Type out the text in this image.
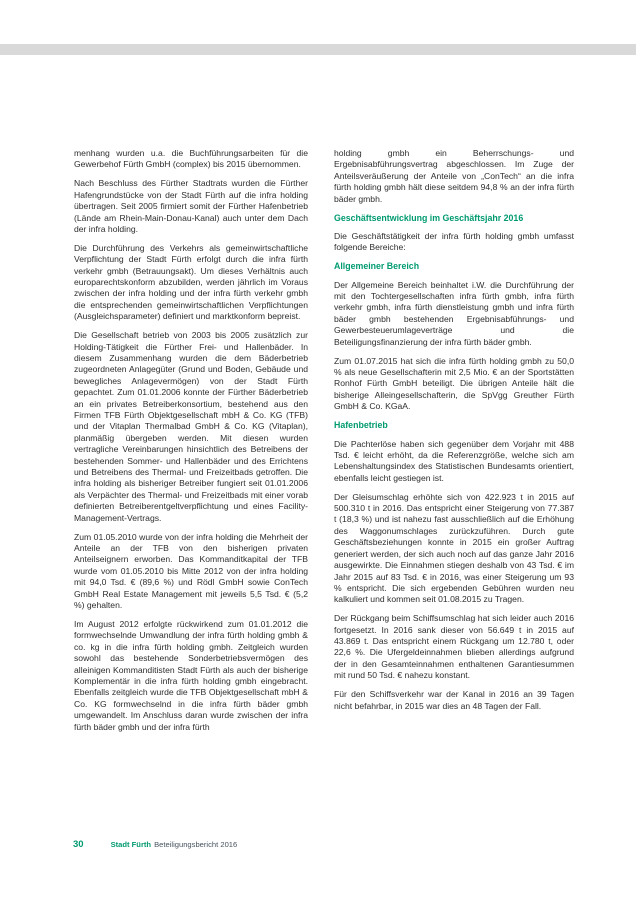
menhang wurden u.a. die Buchführungsarbeiten für die Gewerbehof Fürth GmbH (complex) bis 2015 übernommen.

Nach Beschluss des Fürther Stadtrats wurden die Fürther Hafengrundstücke von der Stadt Fürth auf die infra holding übertragen. Seit 2005 firmiert somit der Fürther Hafenbetrieb (Lände am Rhein-Main-Donau-Kanal) auch unter dem Dach der infra holding.

Die Durchführung des Verkehrs als gemeinwirtschaftliche Verpflichtung der Stadt Fürth erfolgt durch die infra fürth verkehr gmbh (Betrauungsakt). Um dieses Verhältnis auch europarechtskonform abzubilden, werden jährlich im Voraus zwischen der infra holding und der infra fürth verkehr gmbh die entsprechenden gemeinwirtschaftlichen Verpflichtungen (Ausgleichsparameter) definiert und marktkonform bepreist.

Die Gesellschaft betrieb von 2003 bis 2005 zusätzlich zur Holding-Tätigkeit die Fürther Frei- und Hallenbäder. In diesem Zusammenhang wurden die dem Bäderbetrieb zugeordneten Anlagegüter (Grund und Boden, Gebäude und bewegliches Anlagevermögen) von der Stadt Fürth gepachtet. Zum 01.01.2006 konnte der Fürther Bäderbetrieb an ein privates Betreiberkonsortium, bestehend aus den Firmen TFB Fürth Objektgesellschaft mbH & Co. KG (TFB) und der Vitaplan Thermalbad GmbH & Co. KG (Vitaplan), planmäßig übergeben werden. Mit diesen wurden vertragliche Vereinbarungen hinsichtlich des Betreibens der bestehenden Sommer- und Hallenbäder und des Errichtens und Betreibens des Thermal- und Freizeitbads getroffen. Die infra holding als bisheriger Betreiber fungiert seit 01.01.2006 als Verpächter des Thermal- und Freizeitbads mit einer vorab definierten Betreiberentgeltverpflichtung und eines Facility-Management-Vertrags.

Zum 01.05.2010 wurde von der infra holding die Mehrheit der Anteile an der TFB von den bisherigen privaten Anteilseignern erworben. Das Kommanditkapital der TFB wurde vom 01.05.2010 bis Mitte 2012 von der infra holding mit 94,0 Tsd. € (89,6 %) und Rödl GmbH sowie ConTech GmbH Real Estate Management mit jeweils 5,5 Tsd. € (5,2 %) gehalten.

Im August 2012 erfolgte rückwirkend zum 01.01.2012 die formwechselnde Umwandlung der infra fürth holding gmbh & co. kg in die infra fürth holding gmbh. Zeitgleich wurden sowohl das bestehende Sonderbetriebsvermögen des alleinigen Kommanditisten Stadt Fürth als auch der bisherige Komplementär in die infra fürth holding gmbh eingebracht. Ebenfalls zeitgleich wurde die TFB Objektgesellschaft mbH & Co. KG formwechselnd in die infra fürth bäder gmbh umgewandelt. Im Anschluss daran wurde zwischen der infra fürth bäder gmbh und der infra fürth

holding gmbh ein Beherrschungs- und Ergebnisabführungsvertrag abgeschlossen. Im Zuge der Anteilsveräußerung der Anteile von „ConTech“ an die infra fürth holding gmbh hält diese seitdem 94,8 % an der infra fürth bäder gmbh.

Geschäftsentwicklung im Geschäftsjahr 2016

Die Geschäftstätigkeit der infra fürth holding gmbh umfasst folgende Bereiche:

Allgemeiner Bereich

Der Allgemeine Bereich beinhaltet i.W. die Durchführung der mit den Tochtergesellschaften infra fürth gmbh, infra fürth verkehr gmbh, infra fürth dienstleistung gmbh und infra fürth bäder gmbh bestehenden Ergebnisabführungs- und Gewerbesteuerumlageverträge und die Beteiligungsfinanzierung der infra fürth bäder gmbh.

Zum 01.07.2015 hat sich die infra fürth holding gmbh zu 50,0 % als neue Gesellschafterin mit 2,5 Mio. € an der Sportstätten Ronhof Fürth GmbH beteiligt. Die übrigen Anteile hält die bisherige Alleingesellschafterin, die SpVgg Greuther Fürth GmbH & Co. KGaA.

Hafenbetrieb

Die Pachterlöse haben sich gegenüber dem Vorjahr mit 488 Tsd. € leicht erhöht, da die Referenzgröße, welche sich am Lebenshaltungsindex des Statistischen Bundesamts orientiert, ebenfalls leicht gestiegen ist.

Der Gleisumschlag erhöhte sich von 422.923 t in 2015 auf 500.310 t in 2016. Das entspricht einer Steigerung von 77.387 t (18,3 %) und ist nahezu fast ausschließlich auf die Erhöhung des Waggonumschlages zurückzuführen. Durch gute Geschäftsbeziehungen konnte in 2015 ein großer Auftrag generiert werden, der sich auch noch auf das ganze Jahr 2016 ausgewirkte. Die Einnahmen stiegen deshalb von 43 Tsd. € im Jahr 2015 auf 83 Tsd. € in 2016, was einer Steigerung um 93 % entspricht. Die sich ergebenden Gebühren wurden neu kalkuliert und kommen seit 01.08.2015 zu Tragen.

Der Rückgang beim Schiffsumschlag hat sich leider auch 2016 fortgesetzt. In 2016 sank dieser von 56.649 t in 2015 auf 43.869 t. Das entspricht einem Rückgang um 12.780 t, oder 22,6 %. Die Ufergeldeinnahmen blieben allerdings aufgrund der in den Gesamteinnahmen enthaltenen Garantiesummen mit rund 50 Tsd. € nahezu konstant.

Für den Schiffsverkehr war der Kanal in 2016 an 39 Tagen nicht befahrbar, in 2015 war dies an 48 Tagen der Fall.

30	Stadt Fürth Beteiligungsbericht 2016
